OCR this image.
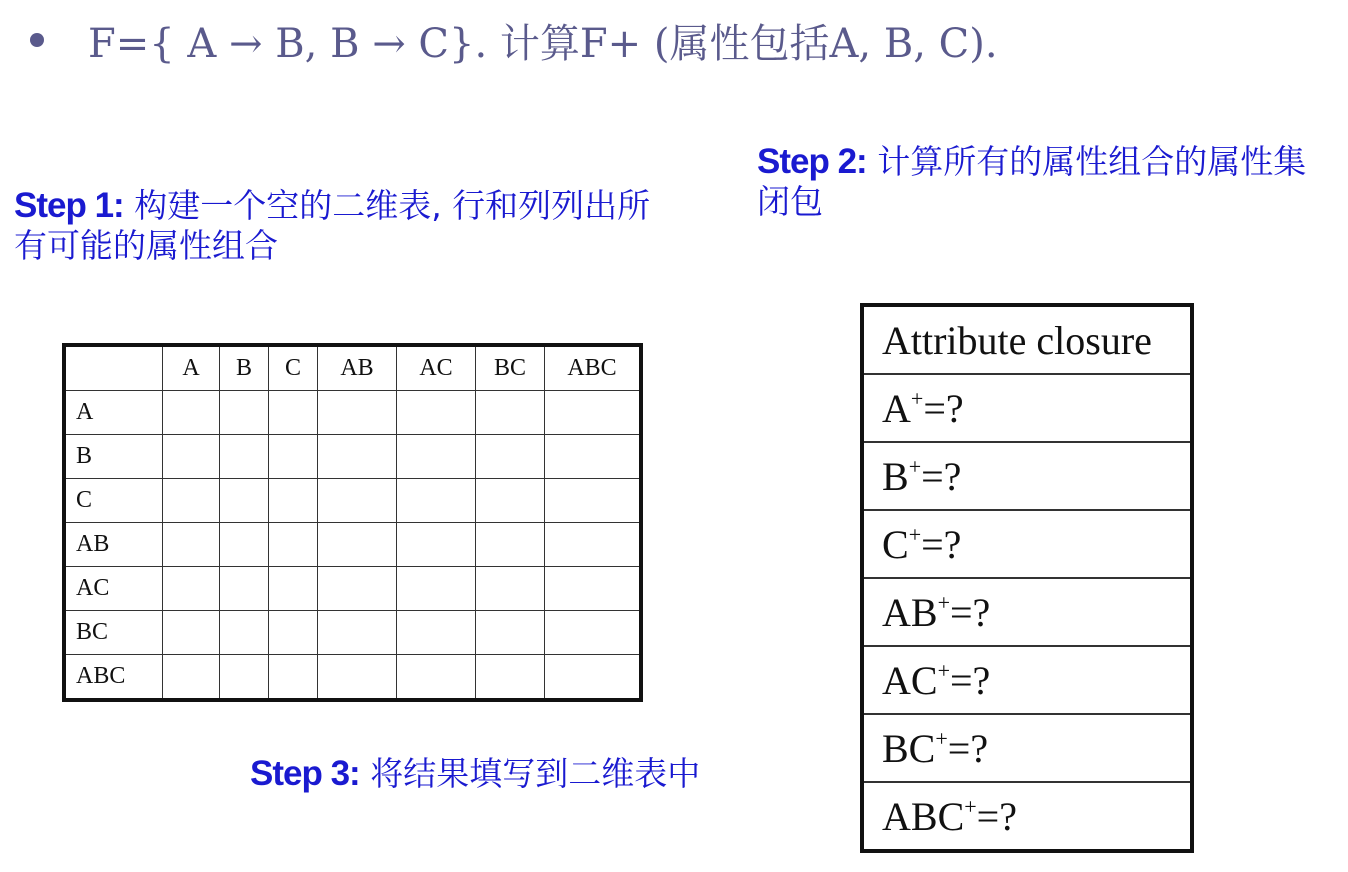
F={ A → B, B → C}. 计算F+ (属性包括A, B, C).
Step 1: 构建一个空的二维表, 行和列列出所有可能的属性组合
Step 2: 计算所有的属性组合的属性集闭包
Step 3: 将结果填写到二维表中
	A	B	C	AB	AC	BC	ABC
A							
B							
C							
AB							
AC							
BC							
ABC							
Attribute closure
A+=?
B+=?
C+=?
AB+=?
AC+=?
BC+=?
ABC+=?
